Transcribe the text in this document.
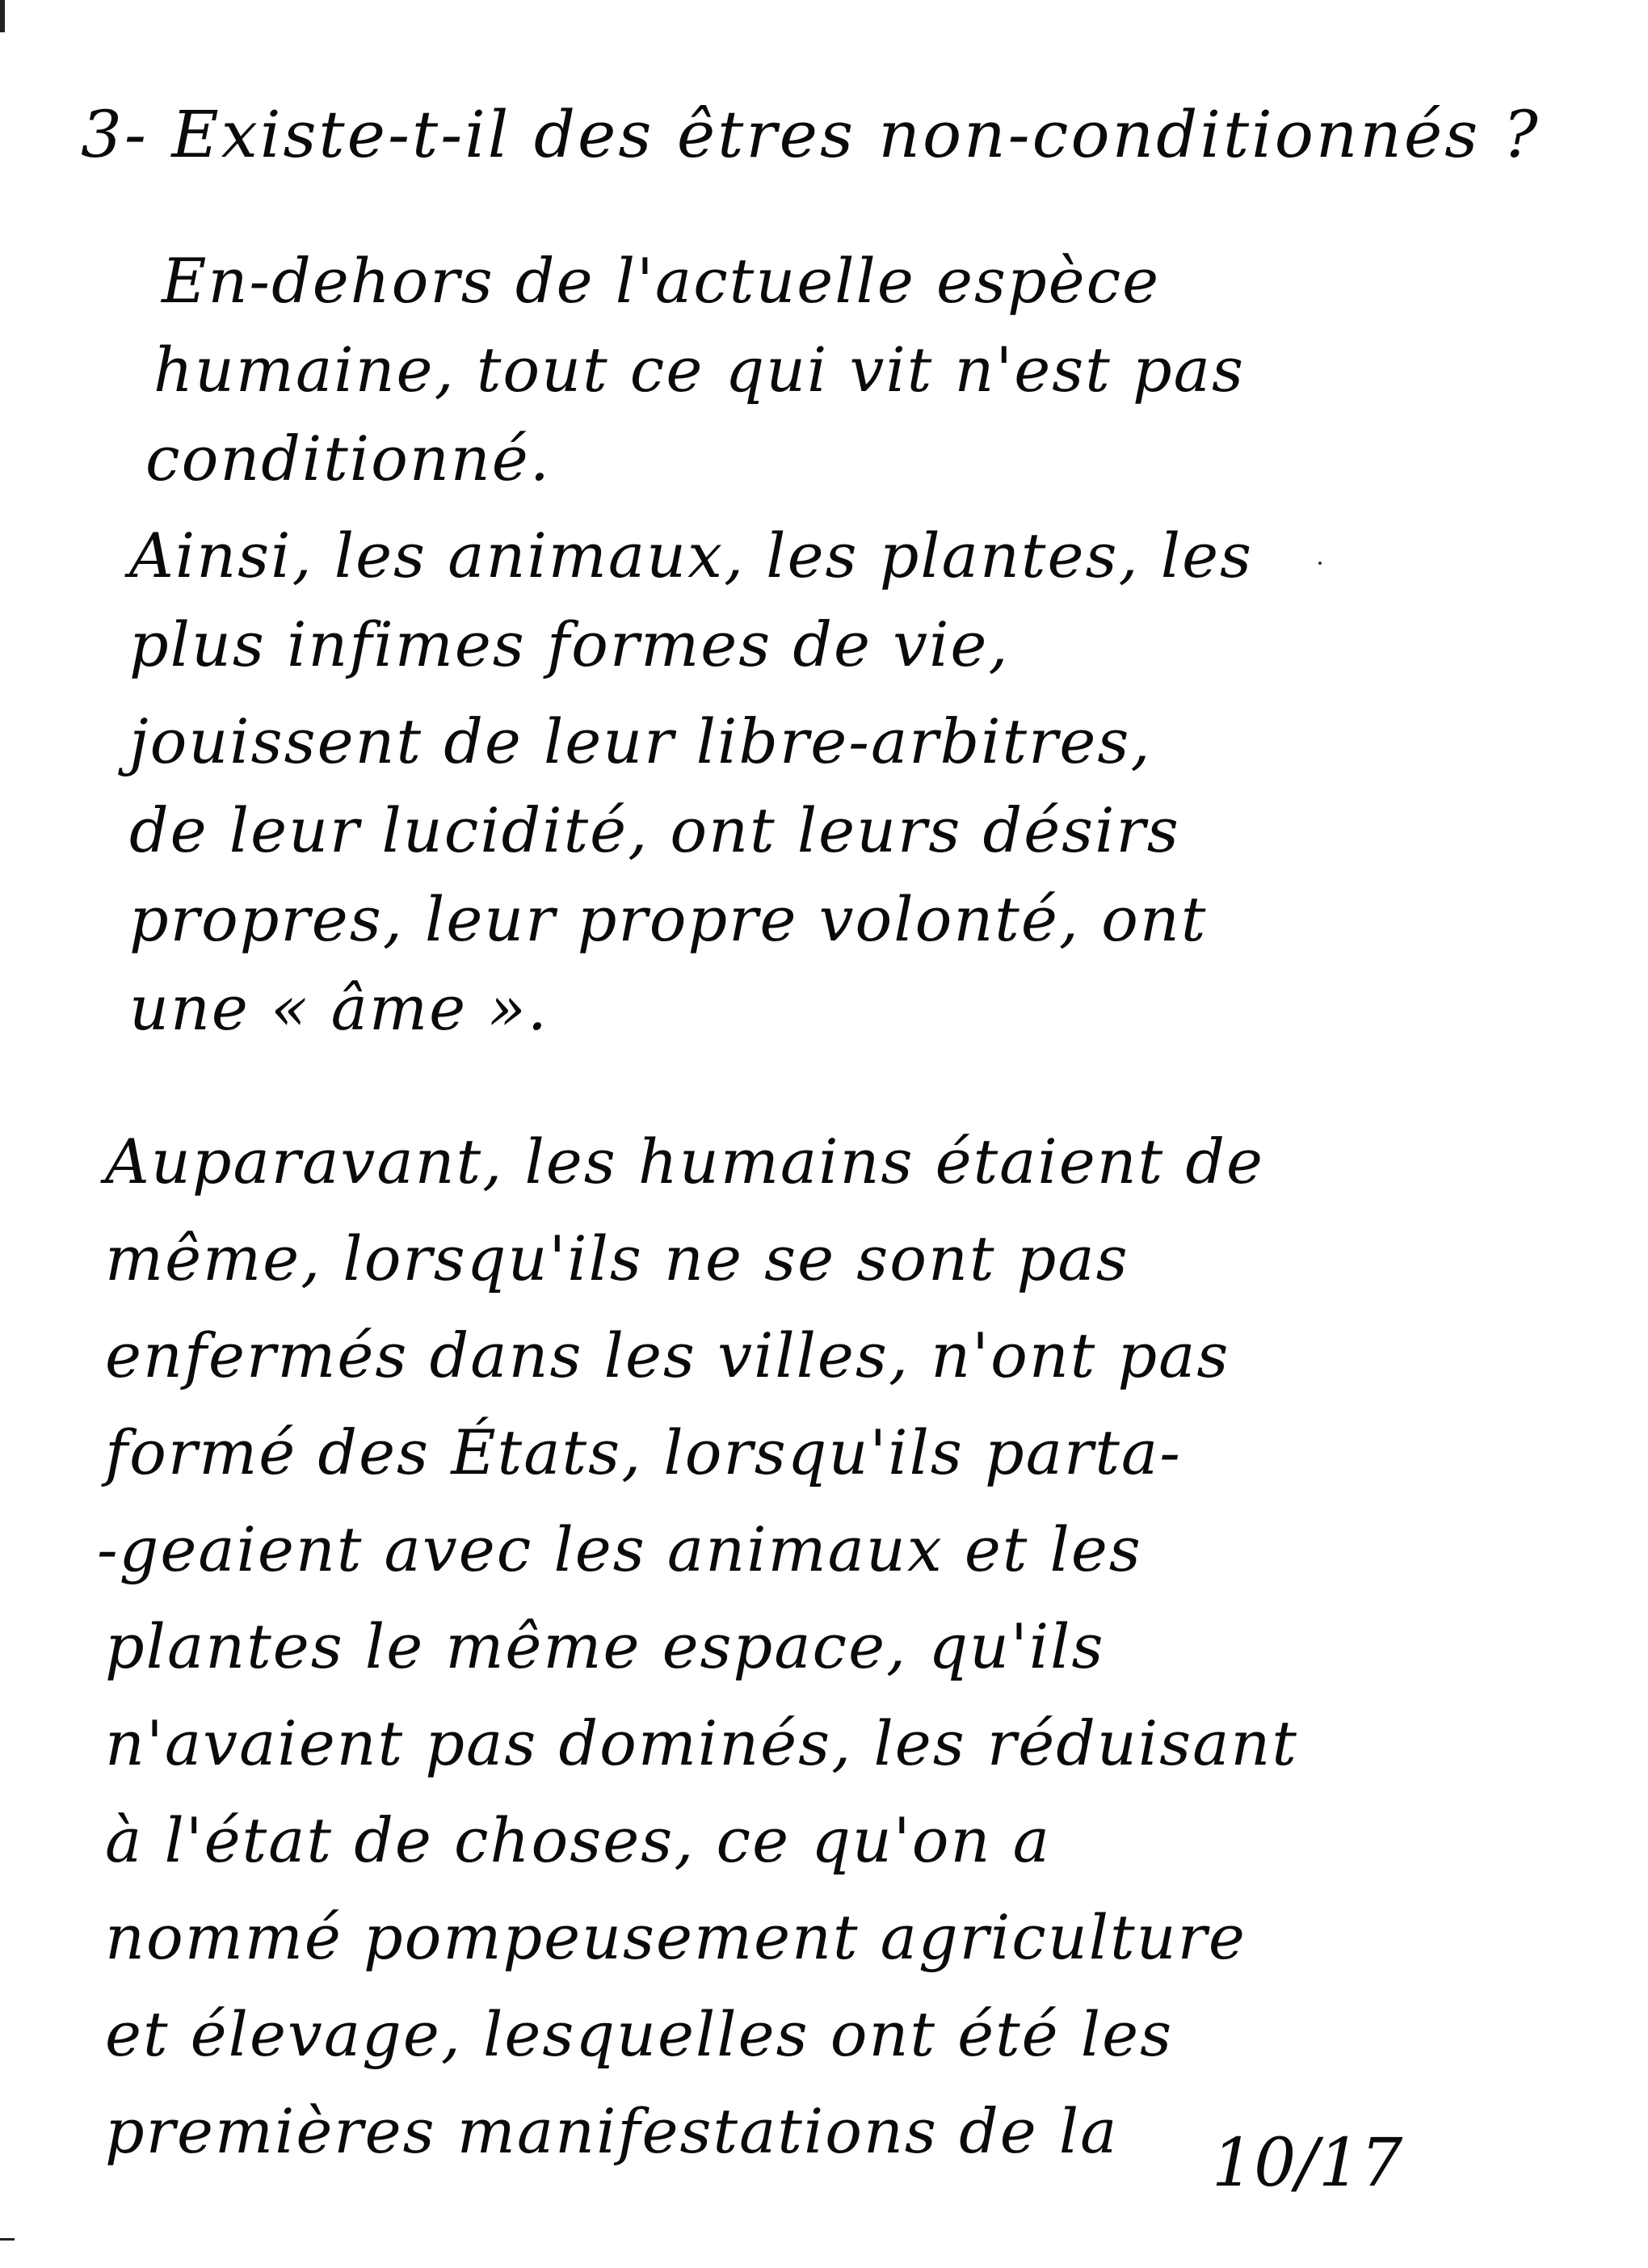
3- Existe-t-il des êtres non-conditionnés ?
En-dehors de l'actuelle espèce
humaine, tout ce qui vit n'est pas
conditionné.
Ainsi, les animaux, les plantes, les
plus infimes formes de vie,
jouissent de leur libre-arbitres,
de leur lucidité, ont leurs désirs
propres, leur propre volonté, ont
une « âme ».
Auparavant, les humains étaient de
même, lorsqu'ils ne se sont pas
enfermés dans les villes, n'ont pas
formé des États, lorsqu'ils parta-
-geaient avec les animaux et les
plantes le même espace, qu'ils
n'avaient pas dominés, les réduisant
à l'état de choses, ce qu'on a
nommé pompeusement agriculture
et élevage, lesquelles ont été les
premières manifestations de la 10/17
